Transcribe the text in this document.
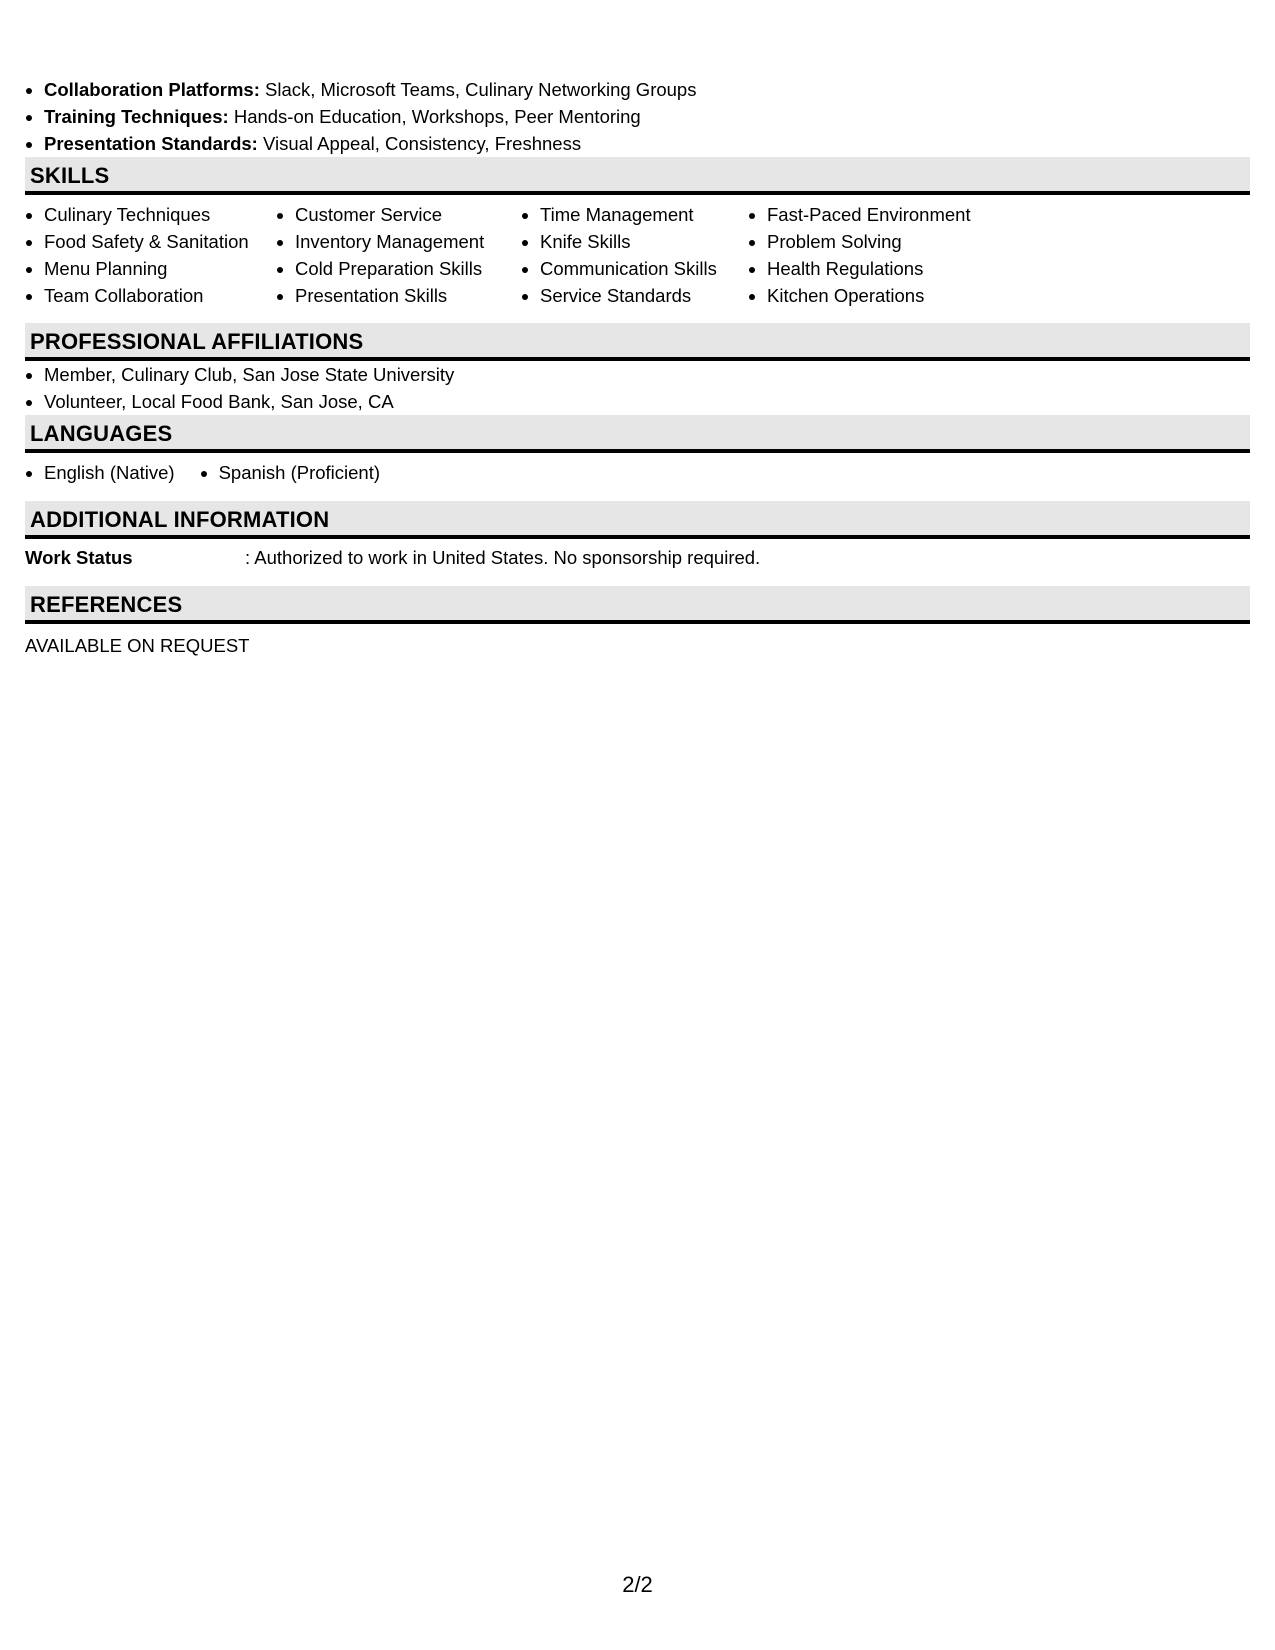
• Collaboration Platforms: Slack, Microsoft Teams, Culinary Networking Groups
• Training Techniques: Hands-on Education, Workshops, Peer Mentoring
• Presentation Standards: Visual Appeal, Consistency, Freshness
SKILLS
• Culinary Techniques
• Food Safety & Sanitation
• Menu Planning
• Team Collaboration
• Customer Service
• Inventory Management
• Cold Preparation Skills
• Presentation Skills
• Time Management
• Knife Skills
• Communication Skills
• Service Standards
• Fast-Paced Environment
• Problem Solving
• Health Regulations
• Kitchen Operations
PROFESSIONAL AFFILIATIONS
• Member, Culinary Club, San Jose State University
• Volunteer, Local Food Bank, San Jose, CA
LANGUAGES
• English (Native)
• Spanish (Proficient)
ADDITIONAL INFORMATION
Work Status	: Authorized to work in United States. No sponsorship required.
REFERENCES
AVAILABLE ON REQUEST
2/2
